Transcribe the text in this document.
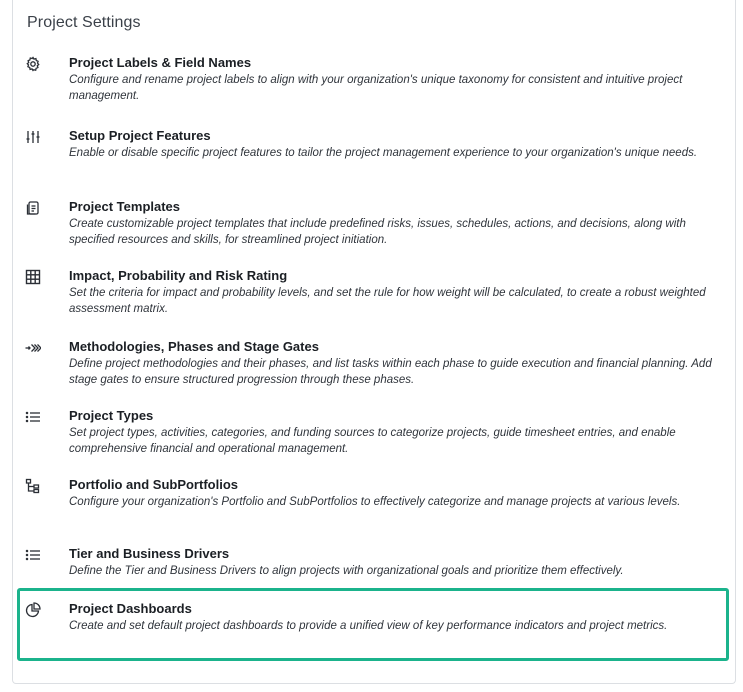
Project Settings
Project Labels & Field Names
Configure and rename project labels to align with your organization's unique taxonomy for consistent and intuitive project management.
Setup Project Features
Enable or disable specific project features to tailor the project management experience to your organization's unique needs.
Project Templates
Create customizable project templates that include predefined risks, issues, schedules, actions, and decisions, along with specified resources and skills, for streamlined project initiation.
Impact, Probability and Risk Rating
Set the criteria for impact and probability levels, and set the rule for how weight will be calculated, to create a robust weighted assessment matrix.
Methodologies, Phases and Stage Gates
Define project methodologies and their phases, and list tasks within each phase to guide execution and financial planning. Add stage gates to ensure structured progression through these phases.
Project Types
Set project types, activities, categories, and funding sources to categorize projects, guide timesheet entries, and enable comprehensive financial and operational management.
Portfolio and SubPortfolios
Configure your organization's Portfolio and SubPortfolios to effectively categorize and manage projects at various levels.
Tier and Business Drivers
Define the Tier and Business Drivers to align projects with organizational goals and prioritize them effectively.
Project Dashboards
Create and set default project dashboards to provide a unified view of key performance indicators and project metrics.
